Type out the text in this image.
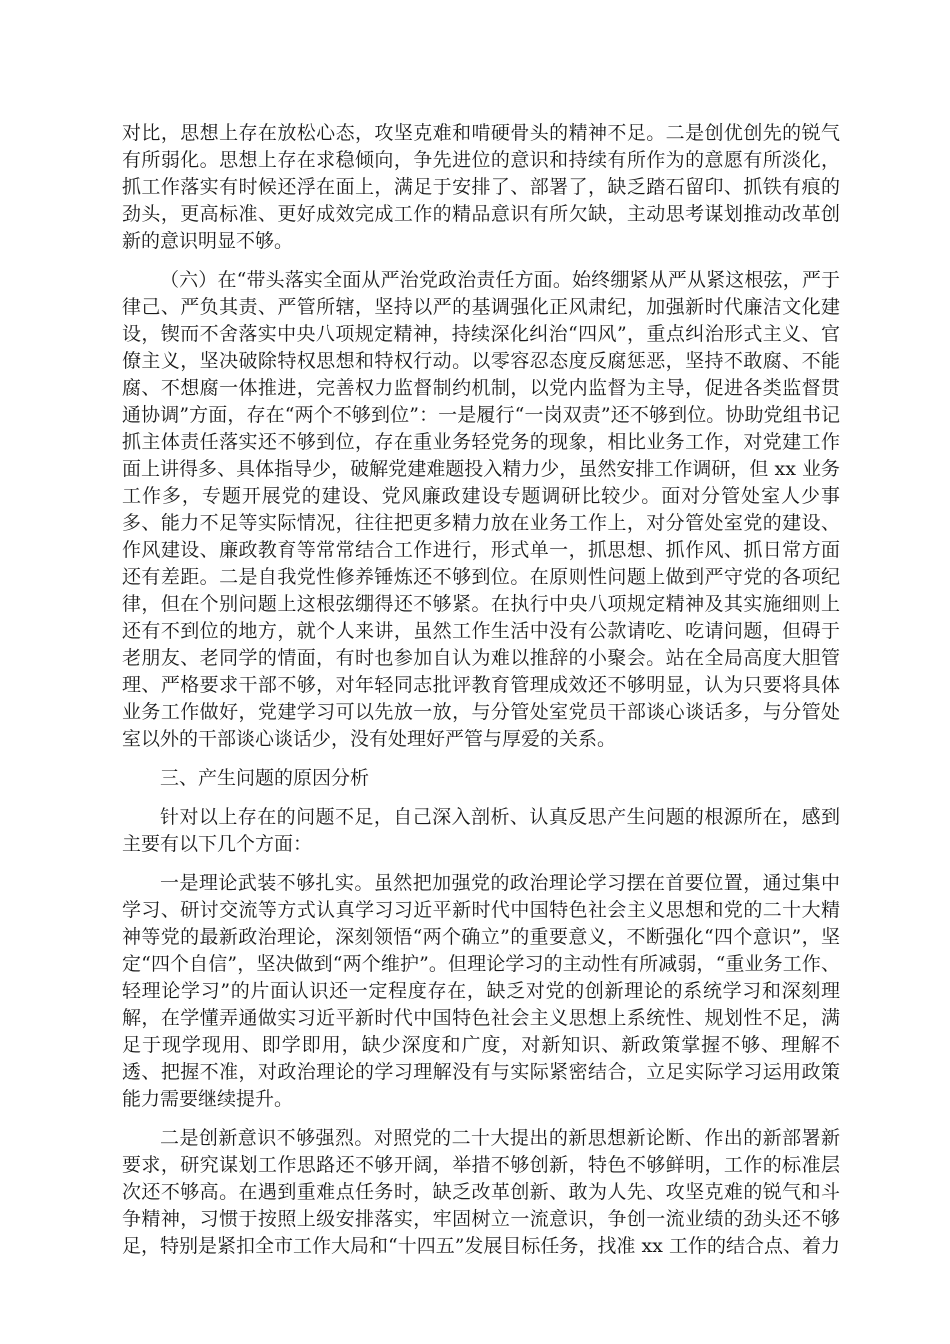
对比，思想上存在放松心态，攻坚克难和啃硬骨头的精神不足。二是创优创先的锐气有所弱化。思想上存在求稳倾向，争先进位的意识和持续有所作为的意愿有所淡化，抓工作落实有时候还浮在面上，满足于安排了、部署了，缺乏踏石留印、抓铁有痕的劲头，更高标准、更好成效完成工作的精品意识有所欠缺，主动思考谋划推动改革创新的意识明显不够。

（六）在“带头落实全面从严治党政治责任方面。始终绷紧从严从紧这根弦，严于律己、严负其责、严管所辖，坚持以严的基调强化正风肃纪，加强新时代廉洁文化建设，锲而不舍落实中央八项规定精神，持续深化纠治“四风”，重点纠治形式主义、官僚主义，坚决破除特权思想和特权行动。以零容忍态度反腐惩恶，坚持不敢腐、不能腐、不想腐一体推进，完善权力监督制约机制，以党内监督为主导，促进各类监督贯通协调”方面，存在“两个不够到位”：一是履行“一岗双责”还不够到位。协助党组书记抓主体责任落实还不够到位，存在重业务轻党务的现象，相比业务工作，对党建工作面上讲得多、具体指导少，破解党建难题投入精力少，虽然安排工作调研，但 xx 业务工作多，专题开展党的建设、党风廉政建设专题调研比较少。面对分管处室人少事多、能力不足等实际情况，往往把更多精力放在业务工作上，对分管处室党的建设、作风建设、廉政教育等常常结合工作进行，形式单一，抓思想、抓作风、抓日常方面还有差距。二是自我党性修养锤炼还不够到位。在原则性问题上做到严守党的各项纪律，但在个别问题上这根弦绷得还不够紧。在执行中央八项规定精神及其实施细则上还有不到位的地方，就个人来讲，虽然工作生活中没有公款请吃、吃请问题，但碍于老朋友、老同学的情面，有时也参加自认为难以推辞的小聚会。站在全局高度大胆管理、严格要求干部不够，对年轻同志批评教育管理成效还不够明显，认为只要将具体业务工作做好，党建学习可以先放一放，与分管处室党员干部谈心谈话多，与分管处室以外的干部谈心谈话少，没有处理好严管与厚爱的关系。

三、产生问题的原因分析

针对以上存在的问题不足，自己深入剖析、认真反思产生问题的根源所在，感到主要有以下几个方面：

一是理论武装不够扎实。虽然把加强党的政治理论学习摆在首要位置，通过集中学习、研讨交流等方式认真学习习近平新时代中国特色社会主义思想和党的二十大精神等党的最新政治理论，深刻领悟“两个确立”的重要意义，不断强化“四个意识”，坚定“四个自信”，坚决做到“两个维护”。但理论学习的主动性有所减弱，“重业务工作、轻理论学习”的片面认识还一定程度存在，缺乏对党的创新理论的系统学习和深刻理解，在学懂弄通做实习近平新时代中国特色社会主义思想上系统性、规划性不足，满足于现学现用、即学即用，缺少深度和广度，对新知识、新政策掌握不够、理解不透、把握不准，对政治理论的学习理解没有与实际紧密结合，立足实际学习运用政策能力需要继续提升。

二是创新意识不够强烈。对照党的二十大提出的新思想新论断、作出的新部署新要求，研究谋划工作思路还不够开阔，举措不够创新，特色不够鲜明，工作的标准层次还不够高。在遇到重难点任务时，缺乏改革创新、敢为人先、攻坚克难的锐气和斗争精神，习惯于按照上级安排落实，牢固树立一流意识，争创一流业绩的劲头还不够足，特别是紧扣全市工作大局和“十四五”发展目标任务，找准 xx 工作的结合点、着力
